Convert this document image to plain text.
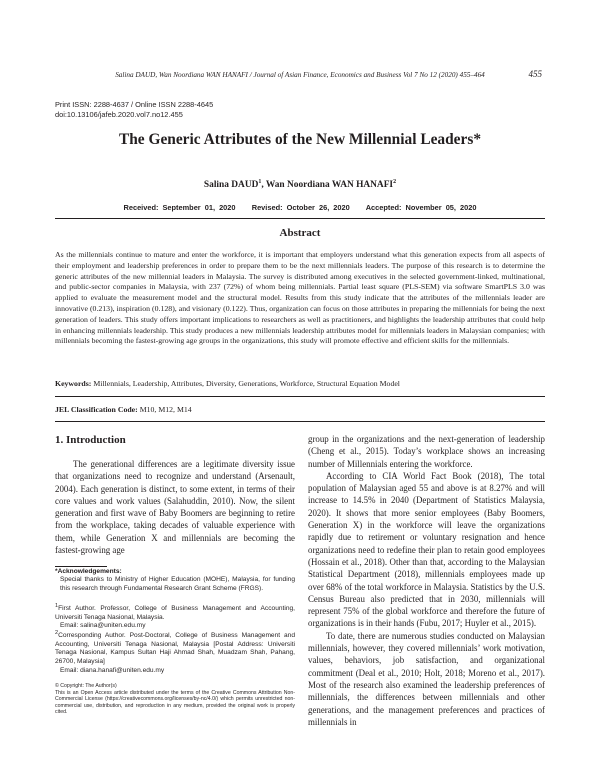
Salina DAUD, Wan Noordiana WAN HANAFI / Journal of Asian Finance, Economics and Business Vol 7 No 12 (2020) 455–464	455
Print ISSN: 2288-4637 / Online ISSN 2288-4645
doi:10.13106/jafeb.2020.vol7.no12.455
The Generic Attributes of the New Millennial Leaders*
Salina DAUD$^1$, Wan Noordiana WAN HANAFI$^2$
Received: September 01, 2020 Revised: October 26, 2020 Accepted: November 05, 2020
Abstract
As the millennials continue to mature and enter the workforce, it is important that employers understand what this generation expects from all aspects of their employment and leadership preferences in order to prepare them to be the next millennials leaders. The purpose of this research is to determine the generic attributes of the new millennial leaders in Malaysia. The survey is distributed among executives in the selected government-linked, multinational, and public-sector companies in Malaysia, with 237 (72%) of whom being millennials. Partial least square (PLS-SEM) via software SmartPLS 3.0 was applied to evaluate the measurement model and the structural model. Results from this study indicate that the attributes of the millennials leader are innovative (0.213), inspiration (0.128), and visionary (0.122). Thus, organization can focus on those attributes in preparing the millennials for being the next generation of leaders. This study offers important implications to researchers as well as practitioners, and highlights the leadership attributes that could help in enhancing millennials leadership. This study produces a new millennials leadership attributes model for millennials leaders in Malaysian companies; with millennials becoming the fastest-growing age groups in the organizations, this study will promote effective and efficient skills for the millennials.
Keywords: Millennials, Leadership, Attributes, Diversity, Generations, Workforce, Structural Equation Model
JEL Classification Code: M10, M12, M14
1. Introduction

The generational differences are a legitimate diversity issue that organizations need to recognize and understand (Arsenault, 2004). Each generation is distinct, to some extent, in terms of their core values and work values (Salahuddin, 2010). Now, the silent generation and first wave of Baby Boomers are beginning to retire from the workplace, taking decades of valuable experience with them, while Generation X and millennials are becoming the fastest-growing age

group in the organizations and the next-generation of leadership (Cheng et al., 2015). Today’s workplace shows an increasing number of Millennials entering the workforce.

According to CIA World Fact Book (2018), The total population of Malaysian aged 55 and above is at 8.27% and will increase to 14.5% in 2040 (Department of Statistics Malaysia, 2020). It shows that more senior employees (Baby Boomers, Generation X) in the workforce will leave the organizations rapidly due to retirement or voluntary resignation and hence organizations need to redefine their plan to retain good employees (Hossain et al., 2018). Other than that, according to the Malaysian Statistical Department (2018), millennials employees made up over 68% of the total workforce in Malaysia. Statistics by the U.S. Census Bureau also predicted that in 2030, millennials will represent 75% of the global workforce and therefore the future of organizations is in their hands (Fubu, 2017; Huyler et al., 2015).

To date, there are numerous studies conducted on Malaysian millennials, however, they covered millennials’ work motivation, values, behaviors, job satisfaction, and organizational commitment (Deal et al., 2010; Holt, 2018; Moreno et al., 2017). Most of the research also examined the leadership preferences of millennials, the differences between millennials and other generations, and the management preferences and practices of millennials in

*Acknowledgements:
Special thanks to Ministry of Higher Education (MOHE), Malaysia, for funding this research through Fundamental Research Grant Scheme (FRGS).
$^1$First Author. Professor, College of Business Management and Accounting, Universiti Tenaga Nasional, Malaysia.
Email: salina@uniten.edu.my
$^2$Corresponding Author. Post-Doctoral, College of Business Management and Accounting, Universiti Tenaga Nasional, Malaysia [Postal Address: Universiti Tenaga Nasional, Kampus Sultan Haji Ahmad Shah, Muadzam Shah, Pahang, 26700, Malaysia]
Email: diana.hanafi@uniten.edu.my
© Copyright: The Author(s)
This is an Open Access article distributed under the terms of the Creative Commons Attribution Non-Commercial License (https://creativecommons.org/licenses/by-nc/4.0/) which permits unrestricted non-commercial use, distribution, and reproduction in any medium, provided the original work is properly cited.
